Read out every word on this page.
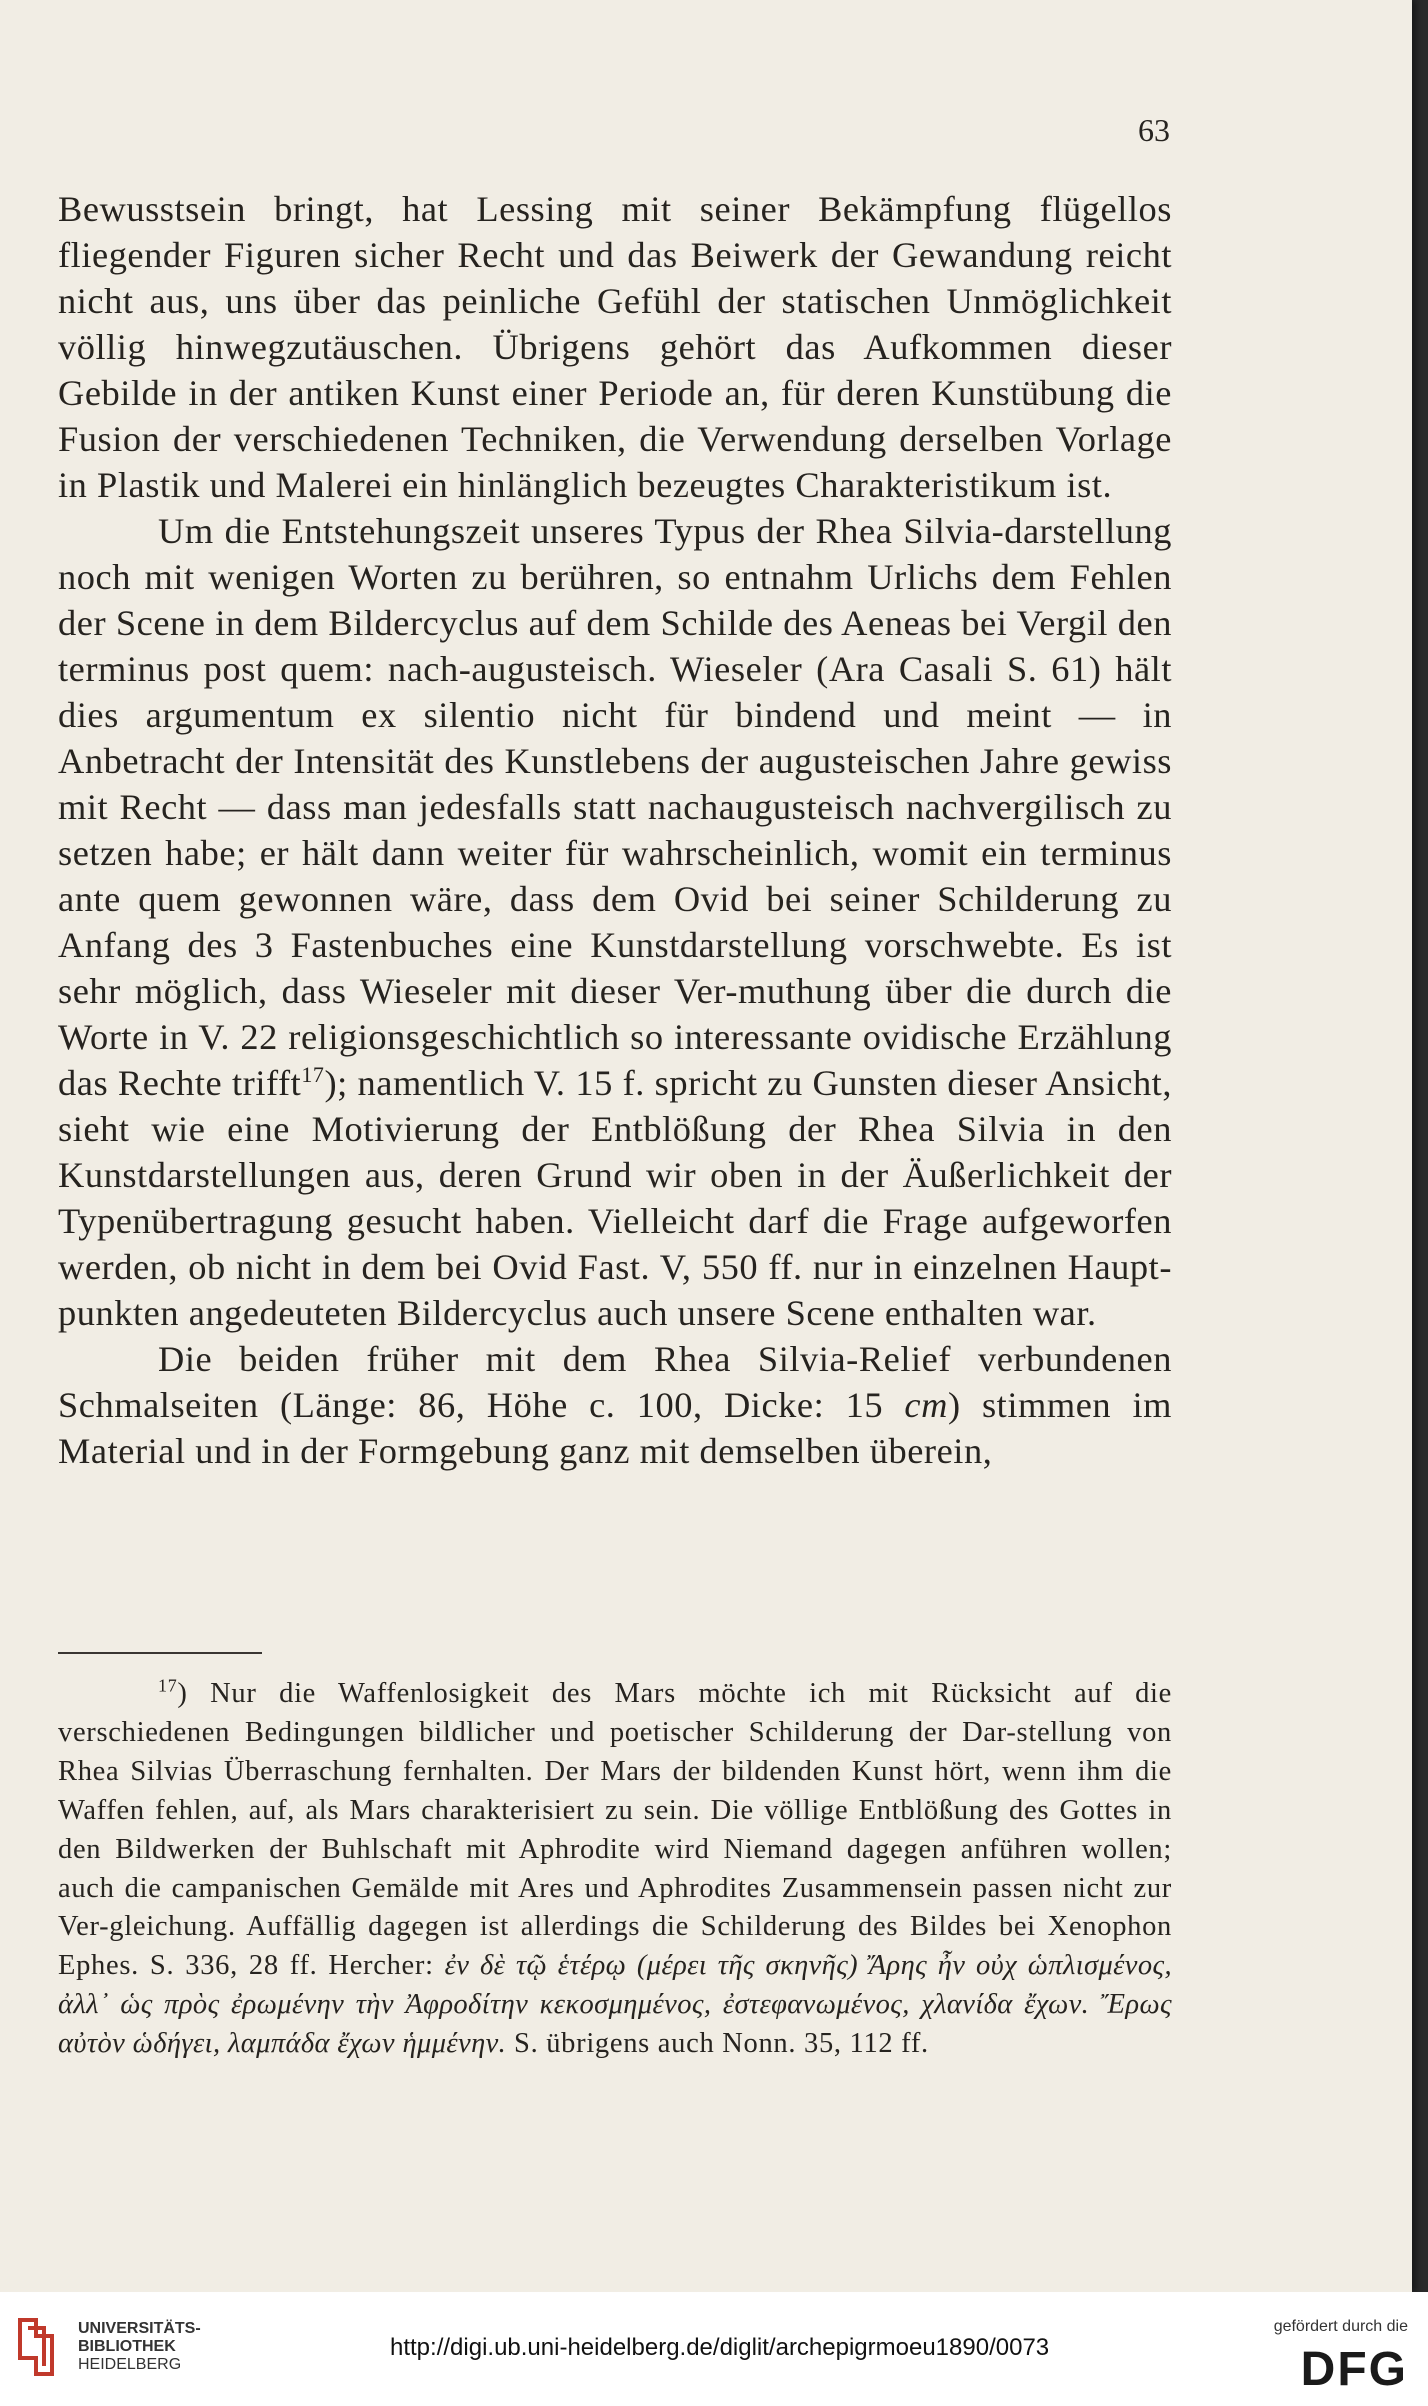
63

Bewusstsein bringt, hat Lessing mit seiner Bekämpfung flügellos fliegender Figuren sicher Recht und das Beiwerk der Gewandung reicht nicht aus, uns über das peinliche Gefühl der statischen Unmöglichkeit völlig hinwegzutäuschen. Übrigens gehört das Aufkommen dieser Gebilde in der antiken Kunst einer Periode an, für deren Kunstübung die Fusion der verschiedenen Techniken, die Verwendung derselben Vorlage in Plastik und Malerei ein hinlänglich bezeugtes Charakteristikum ist.

Um die Entstehungszeit unseres Typus der Rhea Silvia-darstellung noch mit wenigen Worten zu berühren, so entnahm Urlichs dem Fehlen der Scene in dem Bildercyclus auf dem Schilde des Aeneas bei Vergil den terminus post quem: nach-augusteisch. Wieseler (Ara Casali S. 61) hält dies argumentum ex silentio nicht für bindend und meint — in Anbetracht der Intensität des Kunstlebens der augusteischen Jahre gewiss mit Recht — dass man jedesfalls statt nachaugusteisch nachvergilisch zu setzen habe; er hält dann weiter für wahrscheinlich, womit ein terminus ante quem gewonnen wäre, dass dem Ovid bei seiner Schilderung zu Anfang des 3 Fastenbuches eine Kunstdarstellung vorschwebte. Es ist sehr möglich, dass Wieseler mit dieser Ver-muthung über die durch die Worte in V. 22 religionsgeschichtlich so interessante ovidische Erzählung das Rechte trifft$^{17}$); namentlich V. 15 f. spricht zu Gunsten dieser Ansicht, sieht wie eine Motivierung der Entblößung der Rhea Silvia in den Kunstdarstellungen aus, deren Grund wir oben in der Äußerlichkeit der Typenübertragung gesucht haben. Vielleicht darf die Frage aufgeworfen werden, ob nicht in dem bei Ovid Fast. V, 550 ff. nur in einzelnen Haupt-punkten angedeuteten Bildercyclus auch unsere Scene enthalten war.

Die beiden früher mit dem Rhea Silvia-Relief verbundenen Schmalseiten (Länge: 86, Höhe c. 100, Dicke: 15 cm) stimmen im Material und in der Formgebung ganz mit demselben überein,

$^{17}$) Nur die Waffenlosigkeit des Mars möchte ich mit Rücksicht auf die verschiedenen Bedingungen bildlicher und poetischer Schilderung der Dar-stellung von Rhea Silvias Überraschung fernhalten. Der Mars der bildenden Kunst hört, wenn ihm die Waffen fehlen, auf, als Mars charakterisiert zu sein. Die völlige Entblößung des Gottes in den Bildwerken der Buhlschaft mit Aphrodite wird Niemand dagegen anführen wollen; auch die campanischen Gemälde mit Ares und Aphrodites Zusammensein passen nicht zur Ver-gleichung. Auffällig dagegen ist allerdings die Schilderung des Bildes bei Xenophon Ephes. S. 336, 28 ff. Hercher: ἐν δὲ τῷ ἑτέρῳ (μέρει τῆς σκηνῆς) Ἄρης ἦν οὐχ ὡπλισμένος, ἀλλ᾽ ὡς πρὸς ἐρωμένην τὴν Ἀφροδίτην κεκοσμημένος, ἐστεφανωμένος, χλανίδα ἔχων. Ἔρως αὐτὸν ὡδήγει, λαμπάδα ἔχων ἡμμένην. S. übrigens auch Nonn. 35, 112 ff.

UNIVERSITÄTS-
BIBLIOTHEK
HEIDELBERG
http://digi.ub.uni-heidelberg.de/diglit/archepigrmoeu1890/0073
gefördert durch die
DFG
